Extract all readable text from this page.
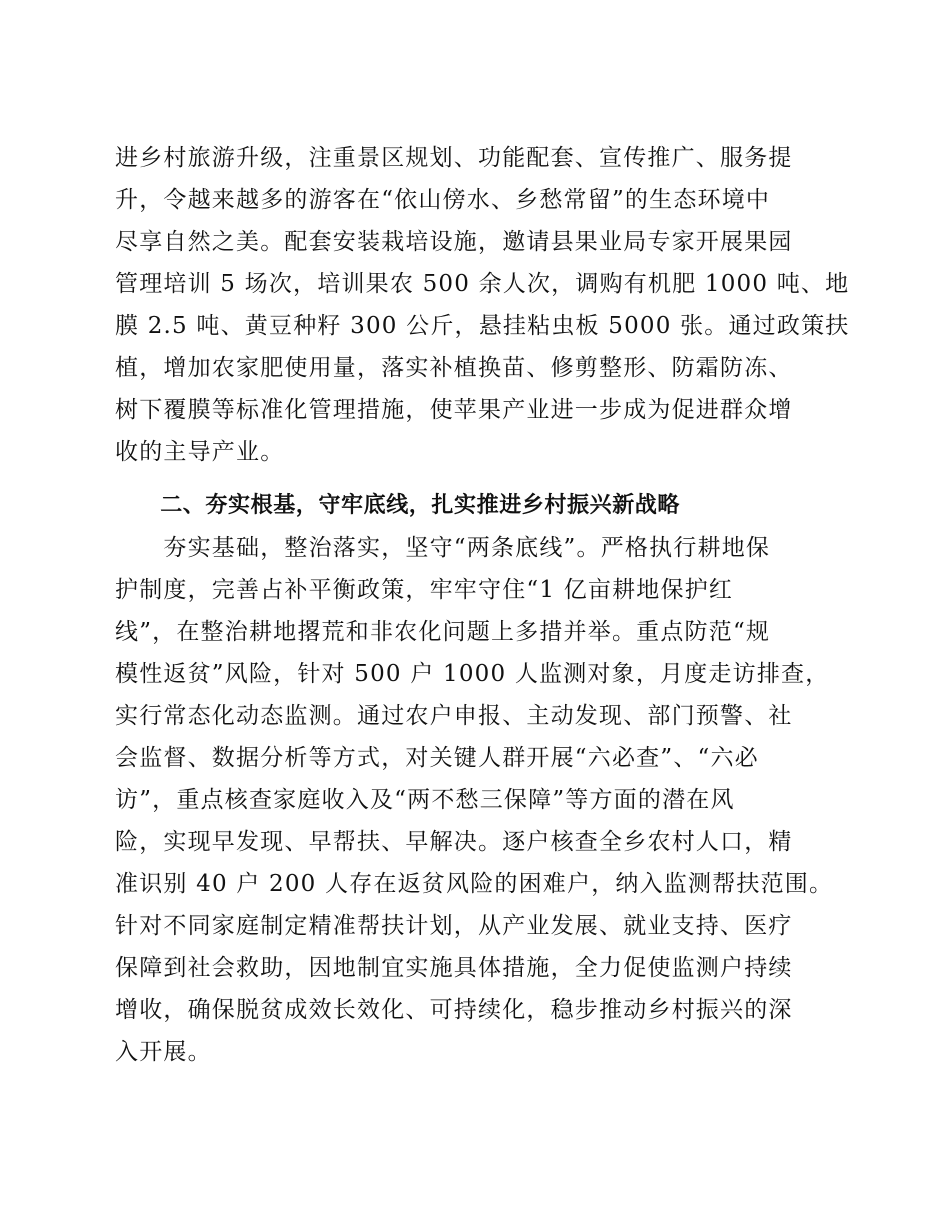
进乡村旅游升级，注重景区规划、功能配套、宣传推广、服务提
升，令越来越多的游客在“依山傍水、乡愁常留”的生态环境中
尽享自然之美。配套安装栽培设施，邀请县果业局专家开展果园
管理培训 5 场次，培训果农 500 余人次，调购有机肥 1000 吨、地
膜 2.5 吨、黄豆种籽 300 公斤，悬挂粘虫板 5000 张。通过政策扶
植，增加农家肥使用量，落实补植换苗、修剪整形、防霜防冻、
树下覆膜等标准化管理措施，使苹果产业进一步成为促进群众增
收的主导产业。
　　二、夯实根基，守牢底线，扎实推进乡村振兴新战略
　　夯实基础，整治落实，坚守“两条底线”。严格执行耕地保
护制度，完善占补平衡政策，牢牢守住“1 亿亩耕地保护红
线”，在整治耕地撂荒和非农化问题上多措并举。重点防范“规
模性返贫”风险，针对 500 户 1000 人监测对象，月度走访排查，
实行常态化动态监测。通过农户申报、主动发现、部门预警、社
会监督、数据分析等方式，对关键人群开展“六必查”、“六必
访”，重点核查家庭收入及“两不愁三保障”等方面的潜在风
险，实现早发现、早帮扶、早解决。逐户核查全乡农村人口，精
准识别 40 户 200 人存在返贫风险的困难户，纳入监测帮扶范围。
针对不同家庭制定精准帮扶计划，从产业发展、就业支持、医疗
保障到社会救助，因地制宜实施具体措施，全力促使监测户持续
增收，确保脱贫成效长效化、可持续化，稳步推动乡村振兴的深
入开展。
